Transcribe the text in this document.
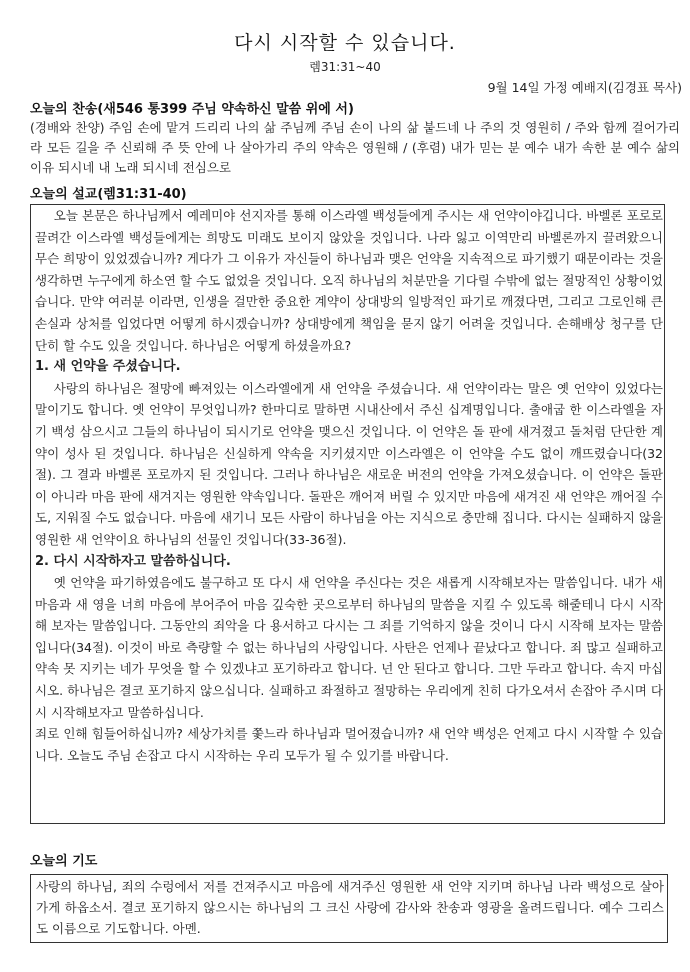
다시 시작할 수 있습니다.
렘31:31~40
9월 14일 가정 예배지(김경표 목사)
오늘의 찬송(새546 통399 주님 약속하신 말씀 위에 서)
(경배와 찬양) 주임 손에 맡겨 드리리 나의 삶 주님께 주님 손이 나의 삶 붙드네 나 주의 것 영원히 / 주와 함께 걸어가리라 모든 길을 주 신뢰해 주 뜻 안에 나 살아가리 주의 약속은 영원해 / (후렴) 내가 믿는 분 예수 내가 속한 분 예수 삶의 이유 되시네 내 노래 되시네 전심으로
오늘의 설교(렘31:31-40)

오늘 본문은 하나님께서 예레미야 선지자를 통해 이스라엘 백성들에게 주시는 새 언약이야깁니다. 바벨론 포로로 끌려간 이스라엘 백성들에게는 희망도 미래도 보이지 않았을 것입니다. 나라 잃고 이역만리 바벨론까지 끌려왔으니 무슨 희망이 있었겠습니까? 게다가 그 이유가 자신들이 하나님과 맺은 언약을 지속적으로 파기했기 때문이라는 것을 생각하면 누구에게 하소연 할 수도 없었을 것입니다. 오직 하나님의 처분만을 기다릴 수밖에 없는 절망적인 상황이었습니다. 만약 여러분 이라면, 인생을 걸만한 중요한 계약이 상대방의 일방적인 파기로 깨졌다면, 그리고 그로인해 큰 손실과 상처를 입었다면 어떻게 하시겠습니까? 상대방에게 책임을 묻지 않기 어려울 것입니다. 손해배상 청구를 단단히 할 수도 있을 것입니다. 하나님은 어떻게 하셨을까요?

1. 새 언약을 주셨습니다.

사랑의 하나님은 절망에 빠져있는 이스라엘에게 새 언약을 주셨습니다. 새 언약이라는 말은 옛 언약이 있었다는 말이기도 합니다. 옛 언약이 무엇입니까? 한마디로 말하면 시내산에서 주신 십계명입니다. 출애굽 한 이스라엘을 자기 백성 삼으시고 그들의 하나님이 되시기로 언약을 맺으신 것입니다. 이 언약은 돌 판에 새겨졌고 돌처럼 단단한 계약이 성사 된 것입니다. 하나님은 신실하게 약속을 지키셨지만 이스라엘은 이 언약을 수도 없이 깨뜨렸습니다(32절). 그 결과 바벨론 포로까지 된 것입니다. 그러나 하나님은 새로운 버전의 언약을 가져오셨습니다. 이 언약은 돌판이 아니라 마음 판에 새겨지는 영원한 약속입니다. 돌판은 깨어져 버릴 수 있지만 마음에 새겨진 새 언약은 깨어질 수도, 지워질 수도 없습니다. 마음에 새기니 모든 사람이 하나님을 아는 지식으로 충만해 집니다. 다시는 실패하지 않을 영원한 새 언약이요 하나님의 선물인 것입니다(33-36절).

2. 다시 시작하자고 말씀하십니다.

옛 언약을 파기하였음에도 불구하고 또 다시 새 언약을 주신다는 것은 새롭게 시작해보자는 말씀입니다. 내가 새 마음과 새 영을 너희 마음에 부어주어 마음 깊숙한 곳으로부터 하나님의 말씀을 지킬 수 있도록 해줄테니 다시 시작해 보자는 말씀입니다. 그동안의 죄악을 다 용서하고 다시는 그 죄를 기억하지 않을 것이니 다시 시작해 보자는 말씀입니다(34절). 이것이 바로 측량할 수 없는 하나님의 사랑입니다. 사탄은 언제나 끝났다고 합니다. 죄 많고 실패하고 약속 못 지키는 네가 무엇을 할 수 있겠냐고 포기하라고 합니다. 넌 안 된다고 합니다. 그만 두라고 합니다. 속지 마십시오. 하나님은 결코 포기하지 않으십니다. 실패하고 좌절하고 절망하는 우리에게 친히 다가오셔서 손잡아 주시며 다시 시작해보자고 말씀하십니다.

죄로 인해 힘들어하십니까? 세상가치를 쫓느라 하나님과 멀어졌습니까? 새 언약 백성은 언제고 다시 시작할 수 있습니다. 오늘도 주님 손잡고 다시 시작하는 우리 모두가 될 수 있기를 바랍니다.

오늘의 기도
사랑의 하나님, 죄의 수렁에서 저를 건져주시고 마음에 새겨주신 영원한 새 언약 지키며 하나님 나라 백성으로 살아가게 하옵소서. 결코 포기하지 않으시는 하나님의 그 크신 사랑에 감사와 찬송과 영광을 올려드립니다. 예수 그리스도 이름으로 기도합니다. 아멘.
